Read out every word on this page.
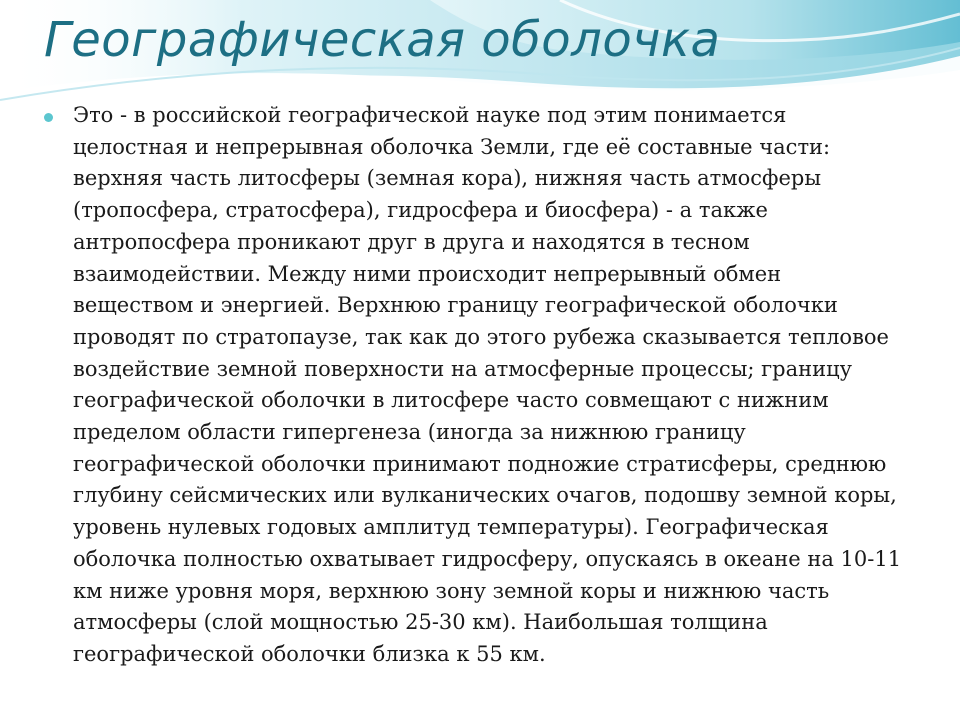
Географическая оболочка

Это - в российской географической науке под этим понимается целостная и непрерывная оболочка Земли, где её составные части: верхняя часть литосферы (земная кора), нижняя часть атмосферы (тропосфера, стратосфера), гидросфера и биосфера) - а также антропосфера проникают друг в друга и находятся в тесном взаимодействии. Между ними происходит непрерывный обмен веществом и энергией. Верхнюю границу географической оболочки проводят по стратопаузе, так как до этого рубежа сказывается тепловое воздействие земной поверхности на атмосферные процессы; границу географической оболочки в литосфере часто совмещают с нижним пределом области гипергенеза (иногда за нижнюю границу географической оболочки принимают подножие стратисферы, среднюю глубину сейсмических или вулканических очагов, подошву земной коры, уровень нулевых годовых амплитуд температуры). Географическая оболочка полностью охватывает гидросферу, опускаясь в океане на 10-11 км ниже уровня моря, верхнюю зону земной коры и нижнюю часть атмосферы (слой мощностью 25-30 км). Наибольшая толщина географической оболочки близка к 55 км.
